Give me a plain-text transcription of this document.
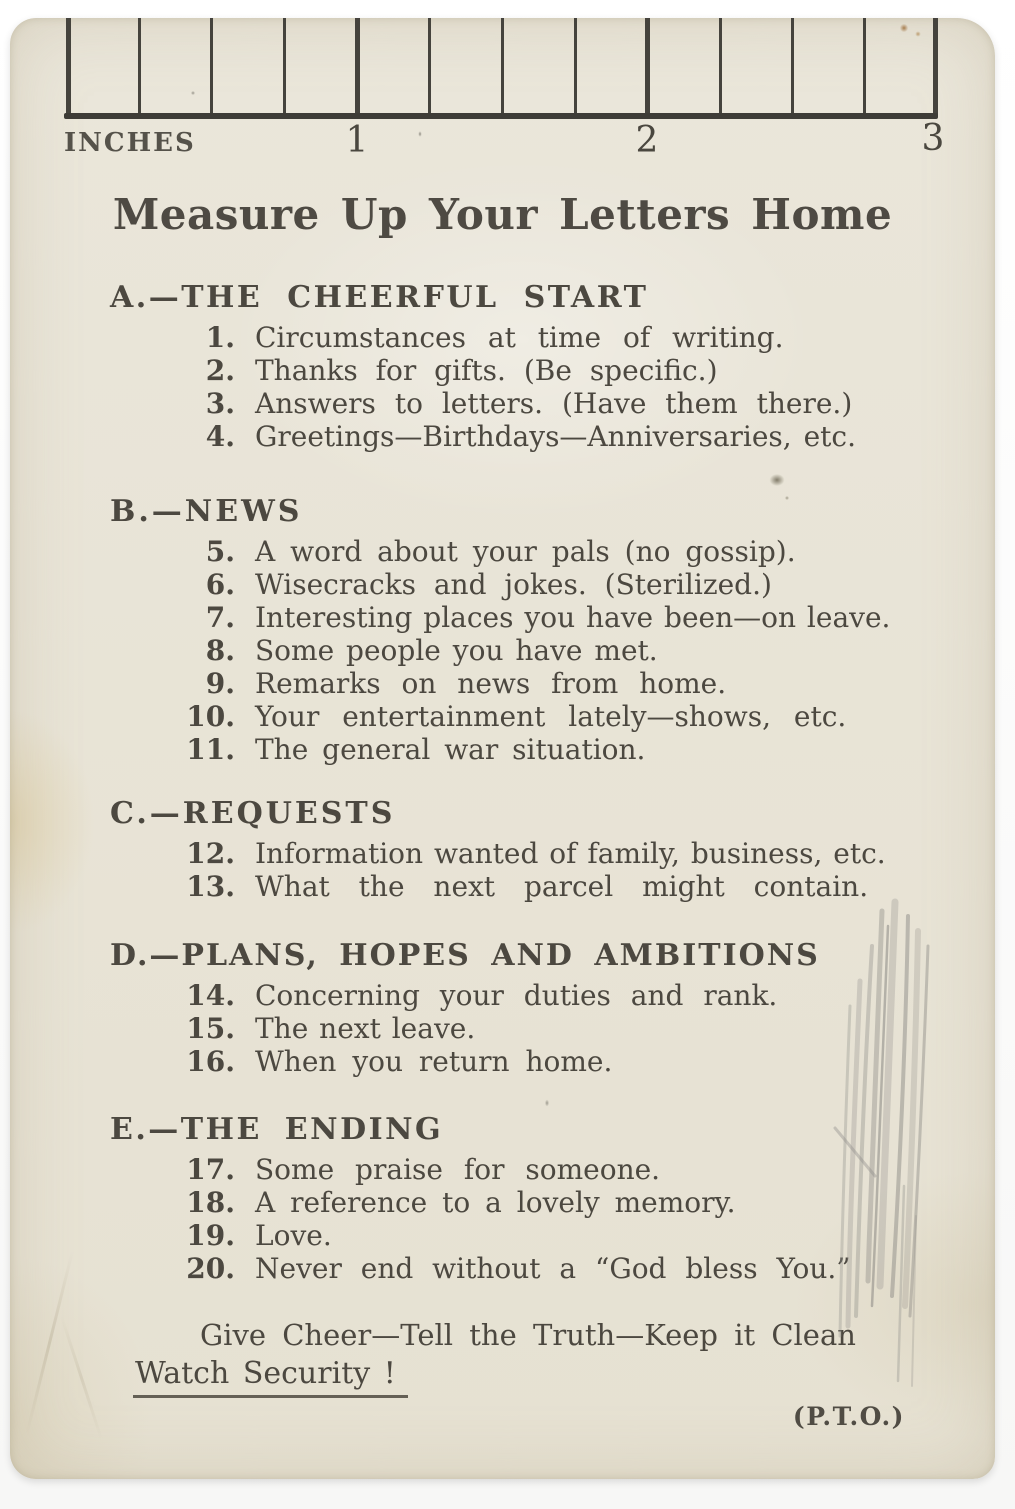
INCHES	1	2	3
Measure Up Your Letters Home
A.—THE CHEERFUL START
1. Circumstances at time of writing.
2. Thanks for gifts. (Be specific.)
3. Answers to letters. (Have them there.)
4. Greetings—Birthdays—Anniversaries, etc.
B.—NEWS
5. A word about your pals (no gossip).
6. Wisecracks and jokes. (Sterilized.)
7. Interesting places you have been—on leave.
8. Some people you have met.
9. Remarks on news from home.
10. Your entertainment lately—shows, etc.
11. The general war situation.
C.—REQUESTS
12. Information wanted of family, business, etc.
13. What the next parcel might contain.
D.—PLANS, HOPES AND AMBITIONS
14. Concerning your duties and rank.
15. The next leave.
16. When you return home.
E.—THE ENDING
17. Some praise for someone.
18. A reference to a lovely memory.
19. Love.
20. Never end without a “God bless You.”
Give Cheer—Tell the Truth—Keep it Clean
Watch Security !
(P.T.O.)
